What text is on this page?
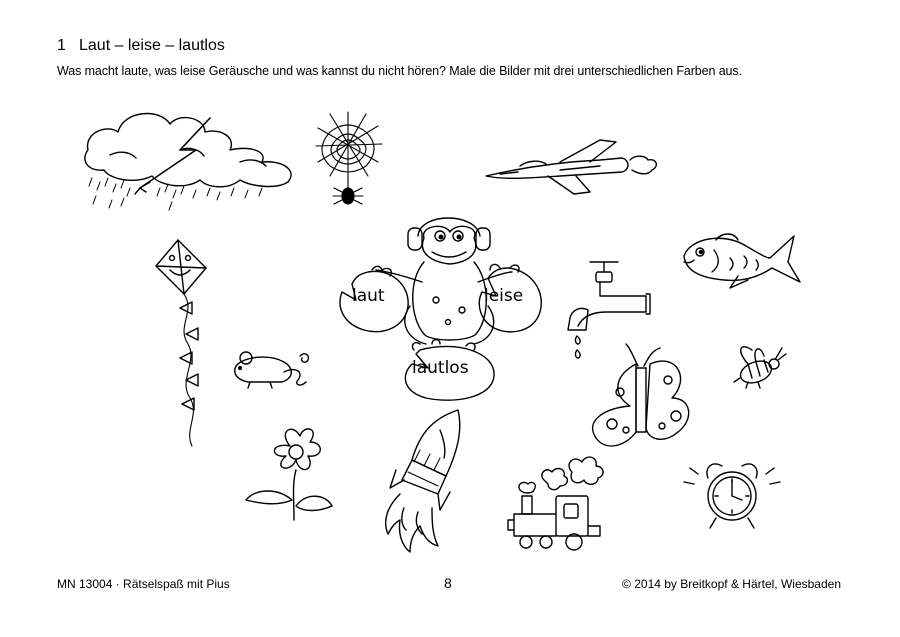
1 Laut – leise – lautlos
Was macht laute, was leise Geräusche und was kannst du nicht hören? Male die Bilder mit drei unterschiedlichen Farben aus.
laut	leise
lautlos
MN 13004 · Rätselspaß mit Pius	8	© 2014 by Breitkopf & Härtel, Wiesbaden
